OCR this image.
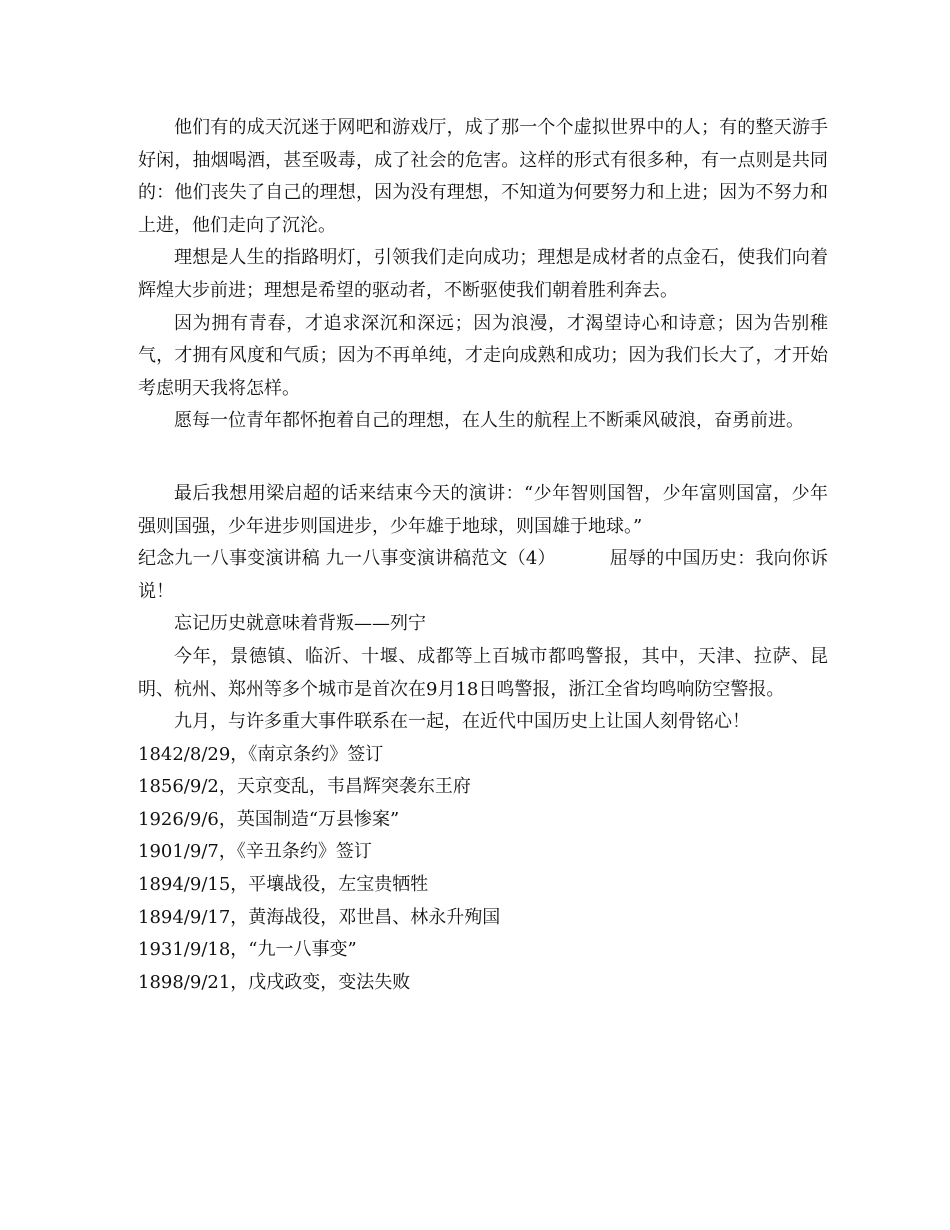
他们有的成天沉迷于网吧和游戏厅，成了那一个个虚拟世界中的人；有的整天游手好闲，抽烟喝酒，甚至吸毒，成了社会的危害。这样的形式有很多种，有一点则是共同的：他们丧失了自己的理想，因为没有理想，不知道为何要努力和上进；因为不努力和上进，他们走向了沉沦。

理想是人生的指路明灯，引领我们走向成功；理想是成材者的点金石，使我们向着辉煌大步前进；理想是希望的驱动者，不断驱使我们朝着胜利奔去。

因为拥有青春，才追求深沉和深远；因为浪漫，才渴望诗心和诗意；因为告别稚气，才拥有风度和气质；因为不再单纯，才走向成熟和成功；因为我们长大了，才开始考虑明天我将怎样。

愿每一位青年都怀抱着自己的理想，在人生的航程上不断乘风破浪，奋勇前进。

最后我想用梁启超的话来结束今天的演讲：“少年智则国智，少年富则国富，少年强则国强，少年进步则国进步，少年雄于地球，则国雄于地球。”

纪念九一八事变演讲稿 九一八事变演讲稿范文（4）	屈辱的中国历史：我向你诉说！

忘记历史就意味着背叛——列宁

今年，景德镇、临沂、十堰、成都等上百城市都鸣警报，其中，天津、拉萨、昆明、杭州、郑州等多个城市是首次在9月18日鸣警报，浙江全省均鸣响防空警报。

九月，与许多重大事件联系在一起，在近代中国历史上让国人刻骨铭心！

1842/8/29，《南京条约》签订

1856/9/2，天京变乱，韦昌辉突袭东王府

1926/9/6，英国制造“万县惨案”

1901/9/7，《辛丑条约》签订

1894/9/15，平壤战役，左宝贵牺牲

1894/9/17，黄海战役，邓世昌、林永升殉国

1931/9/18，“九一八事变”

1898/9/21，戊戌政变，变法失败
